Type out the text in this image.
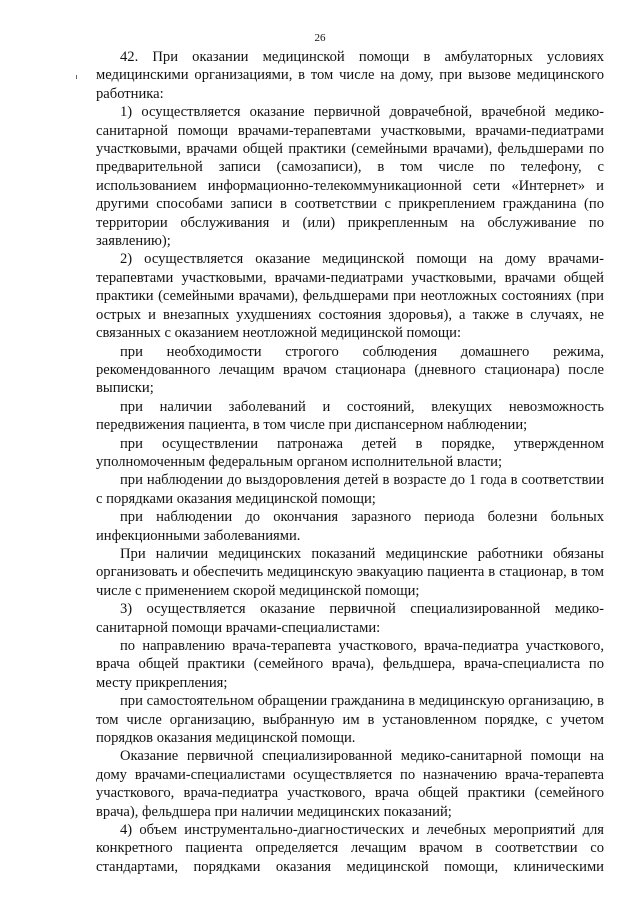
26

42. При оказании медицинской помощи в амбулаторных условиях медицинскими организациями, в том числе на дому, при вызове медицинского работника:

1) осуществляется оказание первичной доврачебной, врачебной медико-санитарной помощи врачами-терапевтами участковыми, врачами-педиатрами участковыми, врачами общей практики (семейными врачами), фельдшерами по предварительной записи (самозаписи), в том числе по телефону, с использованием информационно-телекоммуникационной сети «Интернет» и другими способами записи в соответствии с прикреплением гражданина (по территории обслуживания и (или) прикрепленным на обслуживание по заявлению);

2) осуществляется оказание медицинской помощи на дому врачами-терапевтами участковыми, врачами-педиатрами участковыми, врачами общей практики (семейными врачами), фельдшерами при неотложных состояниях (при острых и внезапных ухудшениях состояния здоровья), а также в случаях, не связанных с оказанием неотложной медицинской помощи:

при необходимости строгого соблюдения домашнего режима, рекомендованного лечащим врачом стационара (дневного стационара) после выписки;

при наличии заболеваний и состояний, влекущих невозможность передвижения пациента, в том числе при диспансерном наблюдении;

при осуществлении патронажа детей в порядке, утвержденном уполномоченным федеральным органом исполнительной власти;

при наблюдении до выздоровления детей в возрасте до 1 года в соответствии с порядками оказания медицинской помощи;

при наблюдении до окончания заразного периода болезни больных инфекционными заболеваниями.

При наличии медицинских показаний медицинские работники обязаны организовать и обеспечить медицинскую эвакуацию пациента в стационар, в том числе с применением скорой медицинской помощи;

3) осуществляется оказание первичной специализированной медико-санитарной помощи врачами-специалистами:

по направлению врача-терапевта участкового, врача-педиатра участкового, врача общей практики (семейного врача), фельдшера, врача-специалиста по месту прикрепления;

при самостоятельном обращении гражданина в медицинскую организацию, в том числе организацию, выбранную им в установленном порядке, с учетом порядков оказания медицинской помощи.

Оказание первичной специализированной медико-санитарной помощи на дому врачами-специалистами осуществляется по назначению врача-терапевта участкового, врача-педиатра участкового, врача общей практики (семейного врача), фельдшера при наличии медицинских показаний;

4) объем инструментально-диагностических и лечебных мероприятий для конкретного пациента определяется лечащим врачом в соответствии со стандартами, порядками оказания медицинской помощи, клиническими
